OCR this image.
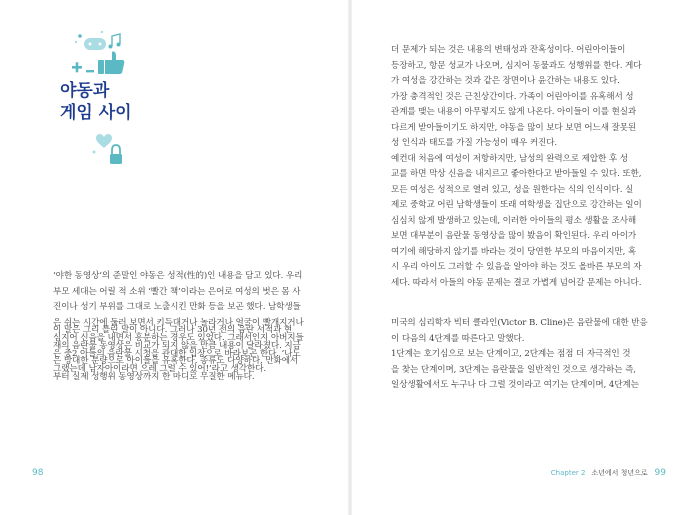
야동과
게임 사이
‘야한 동영상’의 준말인 야동은 성적(性的)인 내용을 담고 있다. 우리
부모 세대는 어릴 적 소위 ‘빨간 책’이라는 은어로 여성의 벗은 몸 사
진이나 성기 부위를 그대로 노출시킨 만화 등을 보곤 했다. 남학생들
은 쉬는 시간에 둘러 보면서 키득대거나 놀라거나 얼굴이 빨개지거나
심지어 신음을 내면서 흥분하는 경우도 있었다. 그래서인지 아버지들
은 중2 아들의 음란물 시청을 관대한 입장으로 바라보곤 한다. ‘나도
그랬는데 남자아이라면 으레 그럴 수 있어!’라고 생각한다.
이 말은 그리 틀린 말이 아니다. 그러나 30년 전의 음란 서적과 현
재의 음란물 동영상은 비교가 되지 않을 만큼 내용이 달라졌다. 지금
은 방대한 분량으로 아이들을 유혹한다. 종류도 다양하다. 만화에서
부터 실제 성행위 동영상까지 한 마디로 무질한 메뉴다.
98
더 문제가 되는 것은 내용의 변태성과 잔혹성이다. 어린아이들이
등장하고, 항문 성교가 나오며, 심지어 동물과도 성행위를 한다. 게다
가 여성을 강간하는 것과 같은 장면이나 윤간하는 내용도 있다.
가장 충격적인 것은 근친상간이다. 가족이 어린아이를 유혹해서 성
관계를 맺는 내용이 아무렇지도 않게 나온다. 아이들이 이를 현실과
다르게 받아들이기도 하지만, 야동을 많이 보다 보면 어느새 잘못된
성 인식과 태도를 가질 가능성이 매우 커진다.
예컨대 처음에 여성이 저항하지만, 남성의 완력으로 제압한 후 성
교를 하면 막상 신음을 내지르고 좋아한다고 받아들일 수 있다. 또한,
모든 여성은 성적으로 열려 있고, 성을 원한다는 식의 인식이다. 실
제로 중학교 어린 남학생들이 또래 여학생을 집단으로 강간하는 일이
심심치 않게 발생하고 있는데, 이러한 아이들의 평소 생활을 조사해
보면 대부분이 음란물 동영상을 많이 봤음이 확인된다. 우리 아이가
여기에 해당하지 않기를 바라는 것이 당연한 부모의 마음이지만, 혹
시 우리 아이도 그러할 수 있음을 알아야 하는 것도 올바른 부모의 자
세다. 따라서 아들의 야동 문제는 결코 가볍게 넘어갈 문제는 아니다.
미국의 심리학자 빅터 클라인(Victor B. Cline)은 음란물에 대한 반응
이 다음의 4단계를 따른다고 말했다.
1단계는 호기심으로 보는 단계이고, 2단계는 점점 더 자극적인 것
을 찾는 단계이며, 3단계는 음란물을 일반적인 것으로 생각하는 즉,
일상생활에서도 누구나 다 그럴 것이라고 여기는 단계이며, 4단계는
Chapter 2 소년에서 청년으로 99
